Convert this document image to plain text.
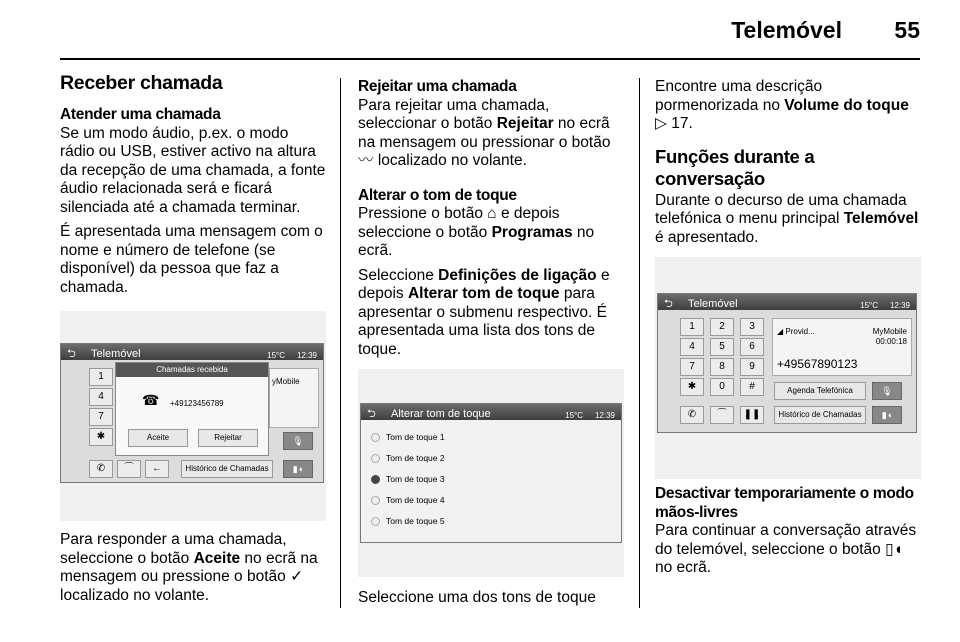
Telemóvel 55
Receber chamada
Atender uma chamada

Se um modo áudio, p.ex. o modo rádio ou USB, estiver activo na altura da recepção de uma chamada, a fonte áudio relacionada será e ficará silenciada até a chamada terminar.

É apresentada uma mensagem com o nome e número de telefone (se disponível) da pessoa que faz a chamada.

⮌ Telemóvel	15°C 12:39
1
4
7
✱
yMobile
🎙
Chamadas recebida
☎ +49123456789
Aceite	Rejeitar
✆	⌒	←	Histórico de Chamadas	▮◖

Para responder a uma chamada, seleccione o botão Aceite no ecrã na mensagem ou pressione o botão ✓ localizado no volante.

Rejeitar uma chamada

Para rejeitar uma chamada, seleccionar o botão Rejeitar no ecrã na mensagem ou pressionar o botão 〰 localizado no volante.

Alterar o tom de toque

Pressione o botão ⌂ e depois seleccione o botão Programas no ecrã.

Seleccione Definições de ligação e depois Alterar tom de toque para apresentar o submenu respectivo. É apresentada uma lista dos tons de toque.

⮌ Alterar tom de toque	15°C 12:39
Tom de toque 1
Tom de toque 2
Tom de toque 3
Tom de toque 4
Tom de toque 5

Seleccione uma dos tons de toque

Encontre uma descrição pormenorizada no Volume do toque
▷ 17.

Funções durante a conversação

Durante o decurso de uma chamada telefónica o menu principal Telemóvel é apresentado.

⮌ Telemóvel	15°C 12:39
1	2	3
4	5	6
7	8	9
✱	0	#
✆	⌒	❚❚
◢ Provid...	MyMobile
00:00:18
+49567890123
Agenda Telefónica	🎙
Histórico de Chamadas	▮◖
Desactivar temporariamente o modo mãos-livres

Para continuar a conversação através do telemóvel, seleccione o botão ▯◖ no ecrã.
